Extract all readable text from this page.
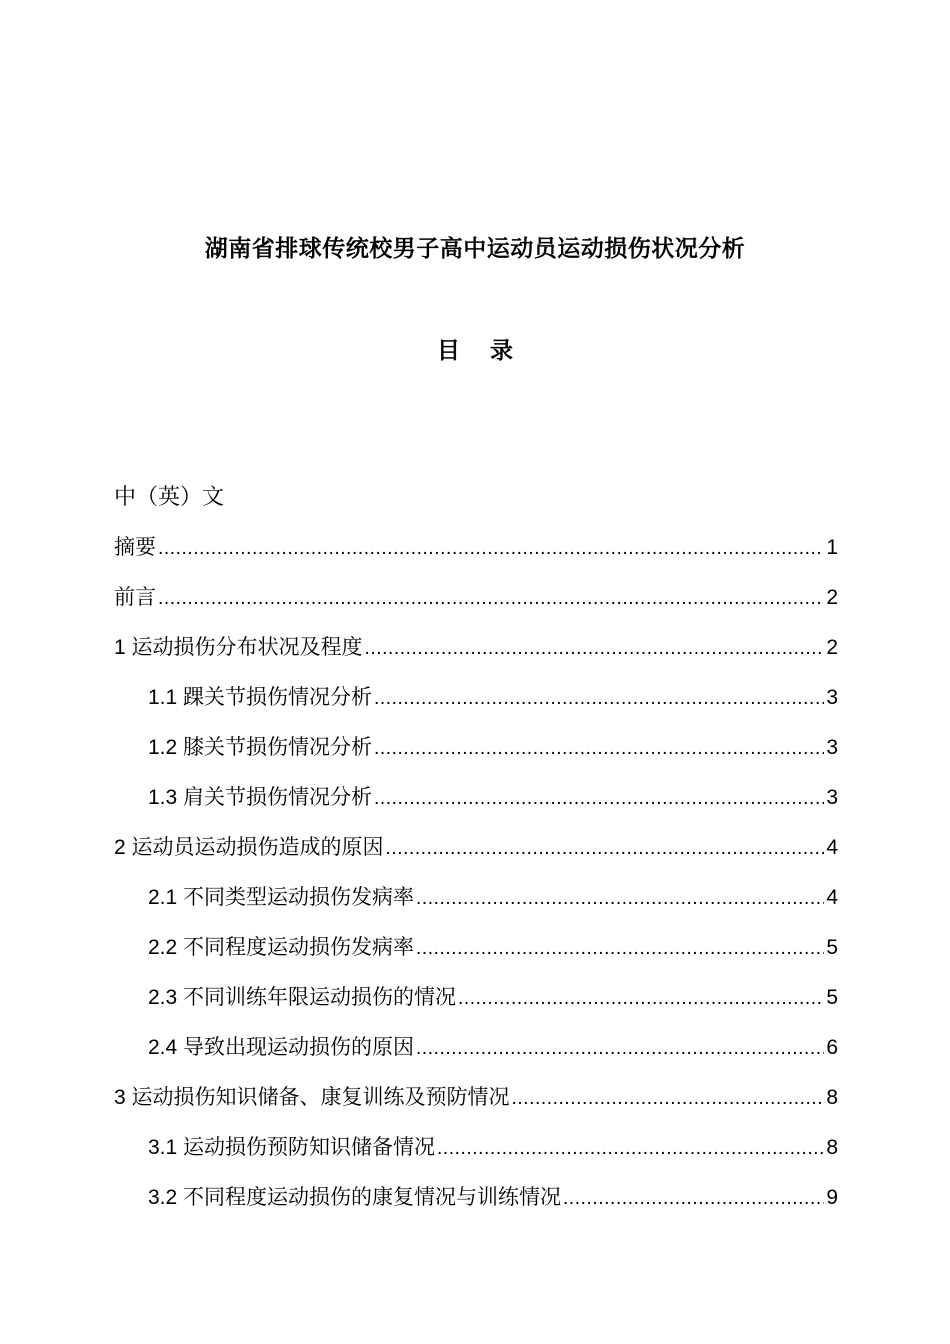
湖南省排球传统校男子高中运动员运动损伤状况分析
目 录
中（英）文
摘要 .....	1
前言 .....	2
1 运动损伤分布状况及程度 .....	2
1.1 踝关节损伤情况分析 .....	3
1.2 膝关节损伤情况分析 .....	3
1.3 肩关节损伤情况分析 .....	3
2 运动员运动损伤造成的原因 .....	4
2.1 不同类型运动损伤发病率 .....	4
2.2 不同程度运动损伤发病率 .....	5
2.3 不同训练年限运动损伤的情况 .....	5
2.4 导致出现运动损伤的原因 .....	6
3 运动损伤知识储备、康复训练及预防情况 .....	8
3.1 运动损伤预防知识储备情况 .....	8
3.2 不同程度运动损伤的康复情况与训练情况 .....	9
